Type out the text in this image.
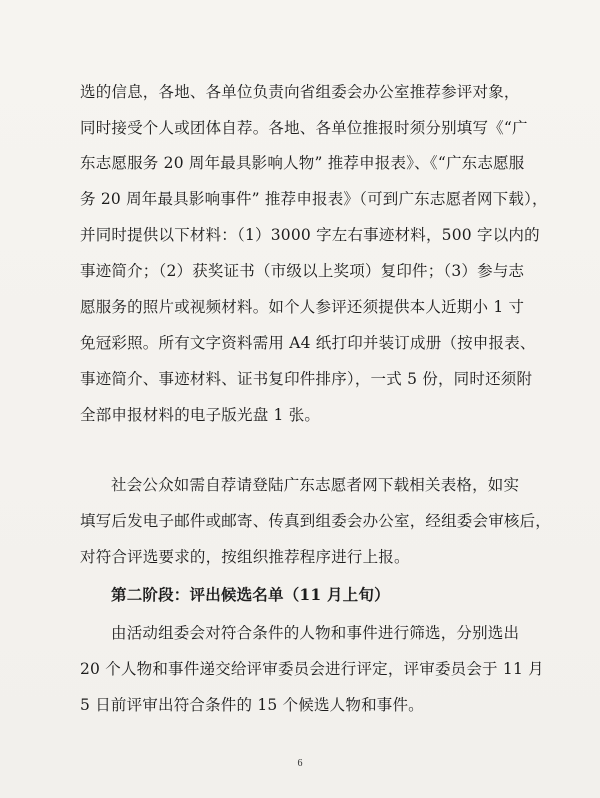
选的信息，各地、各单位负责向省组委会办公室推荐参评对象，
同时接受个人或团体自荐。各地、各单位推报时须分别填写《“广
东志愿服务 20 周年最具影响人物” 推荐申报表》、《“广东志愿服
务 20 周年最具影响事件” 推荐申报表》（可到广东志愿者网下载），
并同时提供以下材料：（1）3000 字左右事迹材料，500 字以内的
事迹简介；（2）获奖证书（市级以上奖项）复印件；（3）参与志
愿服务的照片或视频材料。如个人参评还须提供本人近期小 1 寸
免冠彩照。所有文字资料需用 A4 纸打印并装订成册（按申报表、
事迹简介、事迹材料、证书复印件排序），一式 5 份，同时还须附
全部申报材料的电子版光盘 1 张。
社会公众如需自荐请登陆广东志愿者网下载相关表格，如实
填写后发电子邮件或邮寄、传真到组委会办公室，经组委会审核后，
对符合评选要求的，按组织推荐程序进行上报。
第二阶段：评出候选名单（11 月上旬）
由活动组委会对符合条件的人物和事件进行筛选，分别选出
20 个人物和事件递交给评审委员会进行评定，评审委员会于 11 月
5 日前评审出符合条件的 15 个候选人物和事件。
6
